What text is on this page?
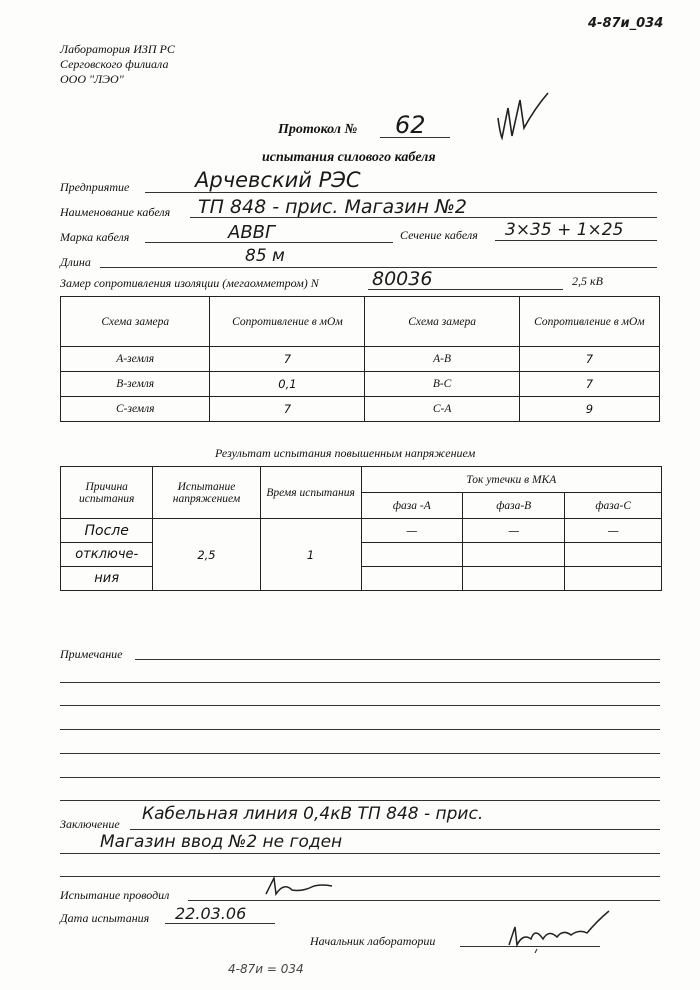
4-87и_034
Лаборатория ИЗП РС
Серговского филиала
ООО "ЛЭО"
Протокол № 62
испытания силового кабеля
Предприятие	Арчевский РЭС
Наименование кабеля ТП 848 - прис. Магазин №2
Марка кабеля	АВВГ	Сечение кабеля 3×35 + 1×25
Длина	85 м
Замер сопротивления изоляции (мегаомметром) N	80036	2,5 кВ
Схема замера	Сопротивление в мОм	Схема замера	Сопротивление в мОм
А-земля	7	А-В	7
В-земля	0,1	В-С	7
С-земля	7	С-А	9
Результат испытания повышенным напряжением
Причина испытания	Испытание напряжением	Время испытания	Ток утечки в МКА		
			фаза -А	фаза-В	фаза-С
После	2,5	1	—	—	—
отключе-					
ния					
Примечание
Заключение Кабельная линия 0,4кВ ТП 848 - прис.
Магазин ввод №2 не годен
Испытание проводил
Дата испытания 22.03.06
Начальник лаборатории
4-87и = 034
